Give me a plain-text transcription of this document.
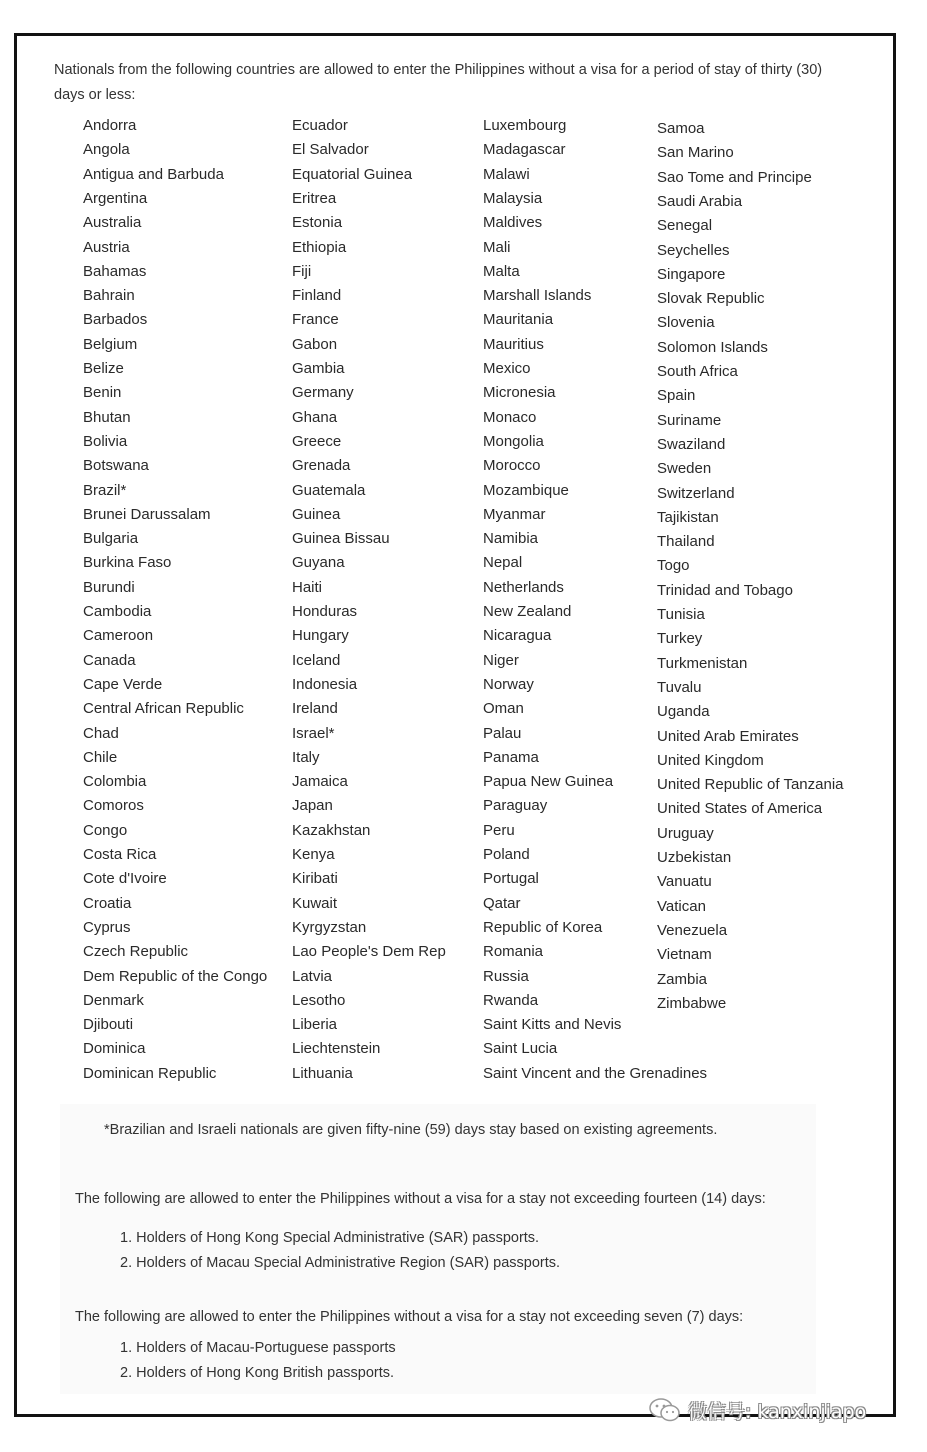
Nationals from the following countries are allowed to enter the Philippines without a visa for a period of stay of thirty (30) days or less:

Andorra
Angola
Antigua and Barbuda
Argentina
Australia
Austria
Bahamas
Bahrain
Barbados
Belgium
Belize
Benin
Bhutan
Bolivia
Botswana
Brazil*
Brunei Darussalam
Bulgaria
Burkina Faso
Burundi
Cambodia
Cameroon
Canada
Cape Verde
Central African Republic
Chad
Chile
Colombia
Comoros
Congo
Costa Rica
Cote d'Ivoire
Croatia
Cyprus
Czech Republic
Dem Republic of the Congo
Denmark
Djibouti
Dominica
Dominican Republic
Ecuador
El Salvador
Equatorial Guinea
Eritrea
Estonia
Ethiopia
Fiji
Finland
France
Gabon
Gambia
Germany
Ghana
Greece
Grenada
Guatemala
Guinea
Guinea Bissau
Guyana
Haiti
Honduras
Hungary
Iceland
Indonesia
Ireland
Israel*
Italy
Jamaica
Japan
Kazakhstan
Kenya
Kiribati
Kuwait
Kyrgyzstan
Lao People's Dem Rep
Latvia
Lesotho
Liberia
Liechtenstein
Lithuania
Luxembourg
Madagascar
Malawi
Malaysia
Maldives
Mali
Malta
Marshall Islands
Mauritania
Mauritius
Mexico
Micronesia
Monaco
Mongolia
Morocco
Mozambique
Myanmar
Namibia
Nepal
Netherlands
New Zealand
Nicaragua
Niger
Norway
Oman
Palau
Panama
Papua New Guinea
Paraguay
Peru
Poland
Portugal
Qatar
Republic of Korea
Romania
Russia
Rwanda
Saint Kitts and Nevis
Saint Lucia
Saint Vincent and the Grenadines
Samoa
San Marino
Sao Tome and Principe
Saudi Arabia
Senegal
Seychelles
Singapore
Slovak Republic
Slovenia
Solomon Islands
South Africa
Spain
Suriname
Swaziland
Sweden
Switzerland
Tajikistan
Thailand
Togo
Trinidad and Tobago
Tunisia
Turkey
Turkmenistan
Tuvalu
Uganda
United Arab Emirates
United Kingdom
United Republic of Tanzania
United States of America
Uruguay
Uzbekistan
Vanuatu
Vatican
Venezuela
Vietnam
Zambia
Zimbabwe

*Brazilian and Israeli nationals are given fifty-nine (59) days stay based on existing agreements.

The following are allowed to enter the Philippines without a visa for a stay not exceeding fourteen (14) days:

1. Holders of Hong Kong Special Administrative (SAR) passports.
2. Holders of Macau Special Administrative Region (SAR) passports.

The following are allowed to enter the Philippines without a visa for a stay not exceeding seven (7) days:

1. Holders of Macau-Portuguese passports
2. Holders of Hong Kong British passports.
微信号: kanxinjiapo
